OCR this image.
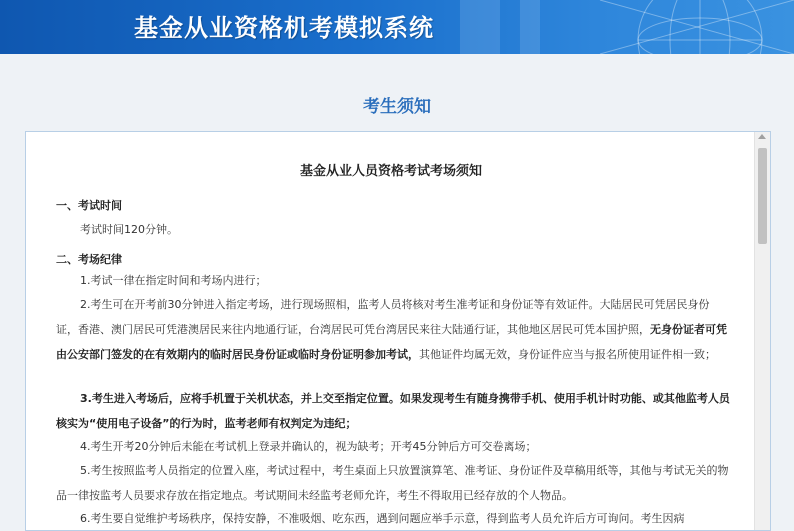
基金从业资格机考模拟系统
考生须知
基金从业人员资格考试考场须知
一、考试时间
考试时间120分钟。
二、考场纪律
1.考试一律在指定时间和考场内进行；
2.考生可在开考前30分钟进入指定考场，进行现场照相，监考人员将核对考生准考证和身份证等有效证件。大陆居民可凭居民身份证，香港、澳门居民可凭港澳居民来往内地通行证，台湾居民可凭台湾居民来往大陆通行证，其他地区居民可凭本国护照，无身份证者可凭由公安部门签发的在有效期内的临时居民身份证或临时身份证明参加考试，其他证件均属无效，身份证件应当与报名所使用证件相一致；
3.考生进入考场后，应将手机置于关机状态，并上交至指定位置。如果发现考生有随身携带手机、使用手机计时功能、或其他监考人员核实为“使用电子设备”的行为时，监考老师有权判定为违纪；
4.考生开考20分钟后未能在考试机上登录并确认的，视为缺考；开考45分钟后方可交卷离场；
5.考生按照监考人员指定的位置入座，考试过程中，考生桌面上只放置演算笔、准考证、身份证件及草稿用纸等，其他与考试无关的物品一律按监考人员要求存放在指定地点。考试期间未经监考老师允许，考生不得取用已经存放的个人物品。
6.考生要自觉维护考场秩序，保持安静，不准吸烟、吃东西，遇到问题应举手示意，得到监考人员允许后方可询问。考生因病
